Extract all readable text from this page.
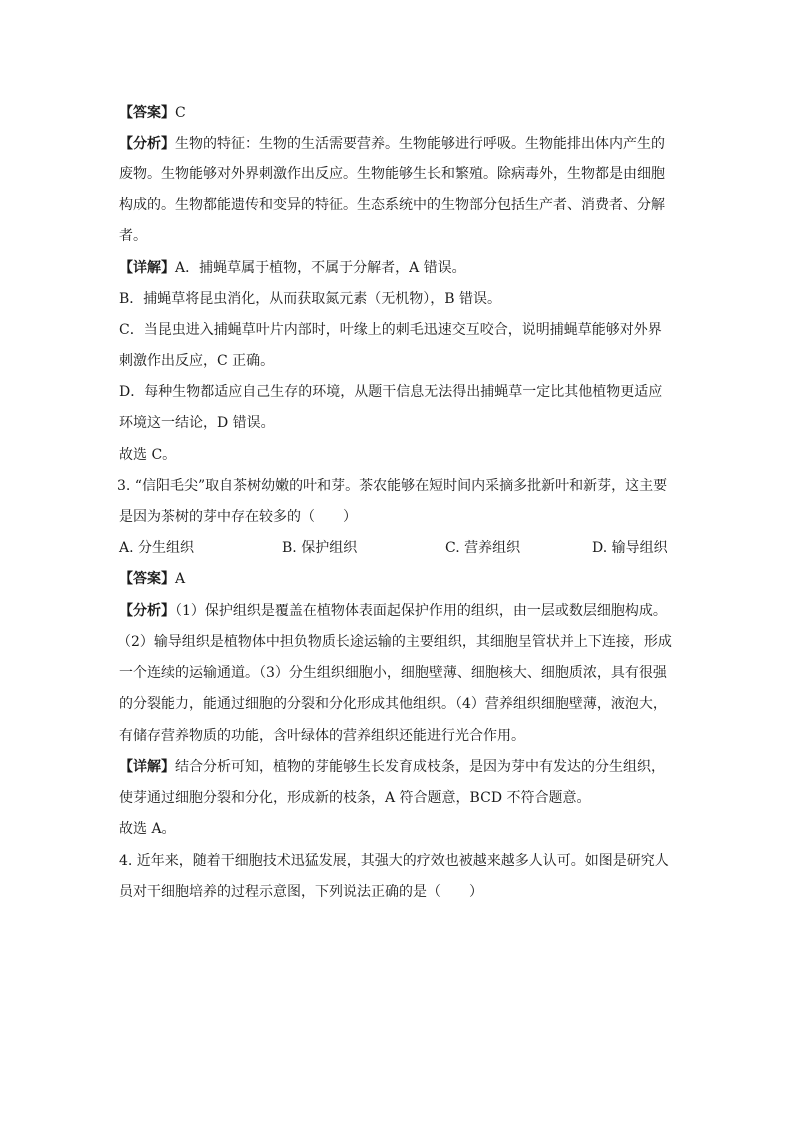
【答案】C
【分析】生物的特征：生物的生活需要营养。生物能够进行呼吸。生物能排出体内产生的
废物。生物能够对外界刺激作出反应。生物能够生长和繁殖。除病毒外，生物都是由细胞
构成的。生物都能遗传和变异的特征。生态系统中的生物部分包括生产者、消费者、分解
者。
【详解】A．捕蝇草属于植物，不属于分解者，A 错误。
B．捕蝇草将昆虫消化，从而获取氮元素（无机物），B 错误。
C．当昆虫进入捕蝇草叶片内部时，叶缘上的刺毛迅速交互咬合，说明捕蝇草能够对外界
刺激作出反应，C 正确。
D．每种生物都适应自己生存的环境，从题干信息无法得出捕蝇草一定比其他植物更适应
环境这一结论，D 错误。
故选 C。
3. “信阳毛尖”取自茶树幼嫩的叶和芽。茶农能够在短时间内采摘多批新叶和新芽，这主要
是因为茶树的芽中存在较多的（　　）
A. 分生组织	B. 保护组织	C. 营养组织	D. 输导组织
【答案】A
【分析】（1）保护组织是覆盖在植物体表面起保护作用的组织，由一层或数层细胞构成。
（2）输导组织是植物体中担负物质长途运输的主要组织，其细胞呈管状并上下连接，形成
一个连续的运输通道。（3）分生组织细胞小，细胞壁薄、细胞核大、细胞质浓，具有很强
的分裂能力，能通过细胞的分裂和分化形成其他组织。（4）营养组织细胞壁薄，液泡大，
有储存营养物质的功能，含叶绿体的营养组织还能进行光合作用。
【详解】结合分析可知，植物的芽能够生长发育成枝条，是因为芽中有发达的分生组织，
使芽通过细胞分裂和分化，形成新的枝条，A 符合题意，BCD 不符合题意。
故选 A。
4. 近年来，随着干细胞技术迅猛发展，其强大的疗效也被越来越多人认可。如图是研究人
员对干细胞培养的过程示意图，下列说法正确的是（　　）
